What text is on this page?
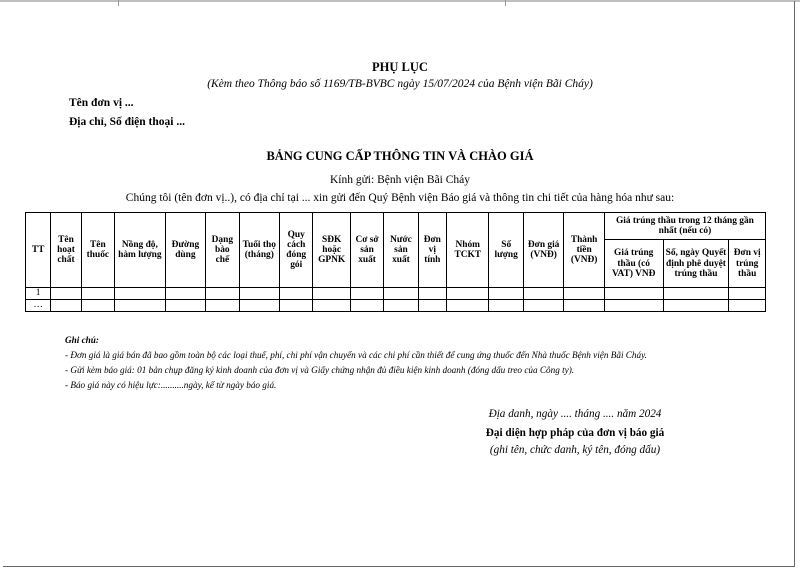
PHỤ LỤC
(Kèm theo Thông báo số 1169/TB-BVBC ngày 15/07/2024 của Bệnh viện Bãi Cháy)
Tên đơn vị ...
Địa chỉ, Số điện thoại ...
BẢNG CUNG CẤP THÔNG TIN VÀ CHÀO GIÁ
Kính gửi: Bệnh viện Bãi Cháy
Chúng tôi (tên đơn vị..), có địa chỉ tại ... xin gửi đến Quý Bệnh viện Báo giá và thông tin chi tiết của hàng hóa như sau:
TT	Tên hoạt chất	Tên thuốc	Nồng độ, hàm lượng	Đường dùng	Dạng bào chế	Tuổi thọ (tháng)	Quy cách đóng gói	SĐK hoặc GPNK	Cơ sở sản xuất	Nước sản xuất	Đơn vị tính	Nhóm TCKT	Số lượng	Đơn giá (VNĐ)	Thành tiền (VNĐ)	Giá trúng thầu trong 12 tháng gần nhất (nếu có)		
																Giá trúng thầu (có VAT) VNĐ	Số, ngày Quyết định phê duyệt trúng thầu	Đơn vị trúng thầu
1																		
…																		
Ghi chú:
- Đơn giá là giá bán đã bao gồm toàn bộ các loại thuế, phí, chi phí vận chuyển và các chi phí cần thiết để cung ứng thuốc đến Nhà thuốc Bệnh viện Bãi Cháy.
- Gửi kèm báo giá: 01 bản chụp đăng ký kinh doanh của đơn vị và Giấy chứng nhận đủ điều kiện kinh doanh (đóng dấu treo của Công ty).
- Báo giá này có hiệu lực:..........ngày, kể từ ngày báo giá.
Địa danh, ngày .... tháng .... năm 2024
Đại diện hợp pháp của đơn vị báo giá
(ghi tên, chức danh, ký tên, đóng dấu)
